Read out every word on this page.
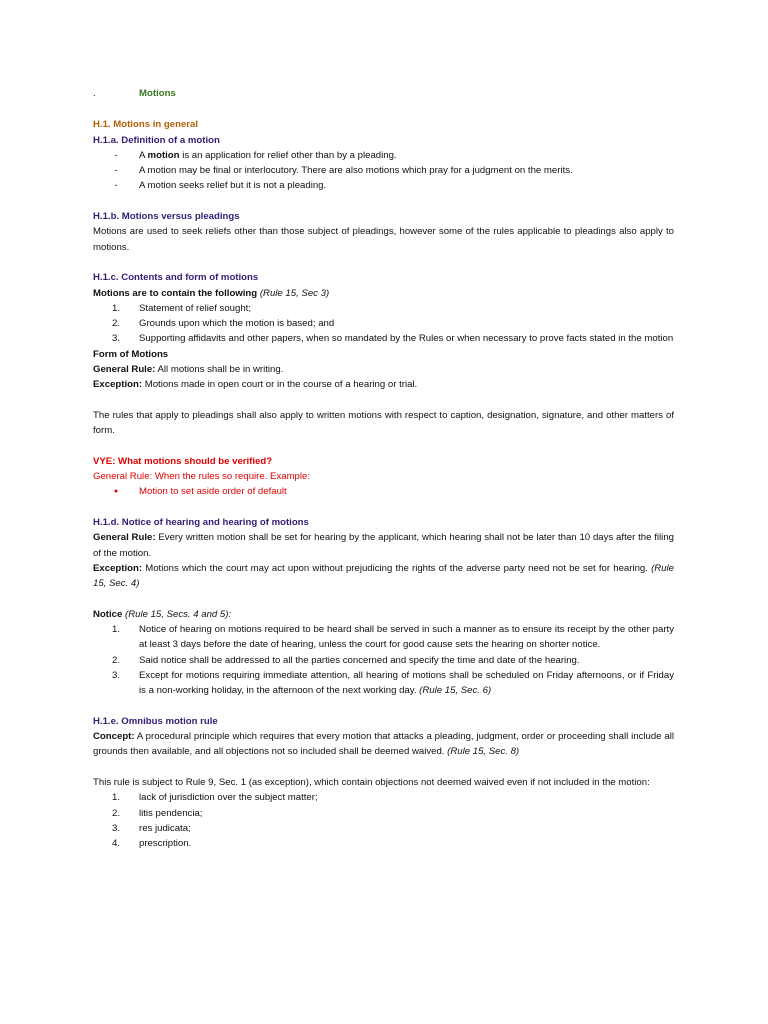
.	Motions
H.1. Motions in general
H.1.a. Definition of a motion
-	A motion is an application for relief other than by a pleading.
-	A motion may be final or interlocutory. There are also motions which pray for a judgment on the merits.
-	A motion seeks relief but it is not a pleading.
H.1.b. Motions versus pleadings
Motions are used to seek reliefs other than those subject of pleadings, however some of the rules applicable to pleadings also apply to motions.
H.1.c. Contents and form of motions
Motions are to contain the following (Rule 15, Sec 3)
1.	Statement of relief sought;
2.	Grounds upon which the motion is based; and
3.	Supporting affidavits and other papers, when so mandated by the Rules or when necessary to prove facts stated in the motion
Form of Motions
General Rule: All motions shall be in writing.
Exception: Motions made in open court or in the course of a hearing or trial.
The rules that apply to pleadings shall also apply to written motions with respect to caption, designation, signature, and other matters of form.
VYE: What motions should be verified?
General Rule: When the rules so require. Example:
●	Motion to set aside order of default
H.1.d. Notice of hearing and hearing of motions
General Rule: Every written motion shall be set for hearing by the applicant, which hearing shall not be later than 10 days after the filing of the motion.
Exception: Motions which the court may act upon without prejudicing the rights of the adverse party need not be set for hearing. (Rule 15, Sec. 4)
Notice (Rule 15, Secs. 4 and 5):
1.	Notice of hearing on motions required to be heard shall be served in such a manner as to ensure its receipt by the other party at least 3 days before the date of hearing, unless the court for good cause sets the hearing on shorter notice.
2.	Said notice shall be addressed to all the parties concerned and specify the time and date of the hearing.
3.	Except for motions requiring immediate attention, all hearing of motions shall be scheduled on Friday afternoons, or if Friday is a non-working holiday, in the afternoon of the next working day. (Rule 15, Sec. 6)
H.1.e. Omnibus motion rule
Concept: A procedural principle which requires that every motion that attacks a pleading, judgment, order or proceeding shall include all grounds then available, and all objections not so included shall be deemed waived. (Rule 15, Sec. 8)
This rule is subject to Rule 9, Sec. 1 (as exception), which contain objections not deemed waived even if not included in the motion:
1.	lack of jurisdiction over the subject matter;
2.	litis pendencia;
3.	res judicata;
4.	prescription.
